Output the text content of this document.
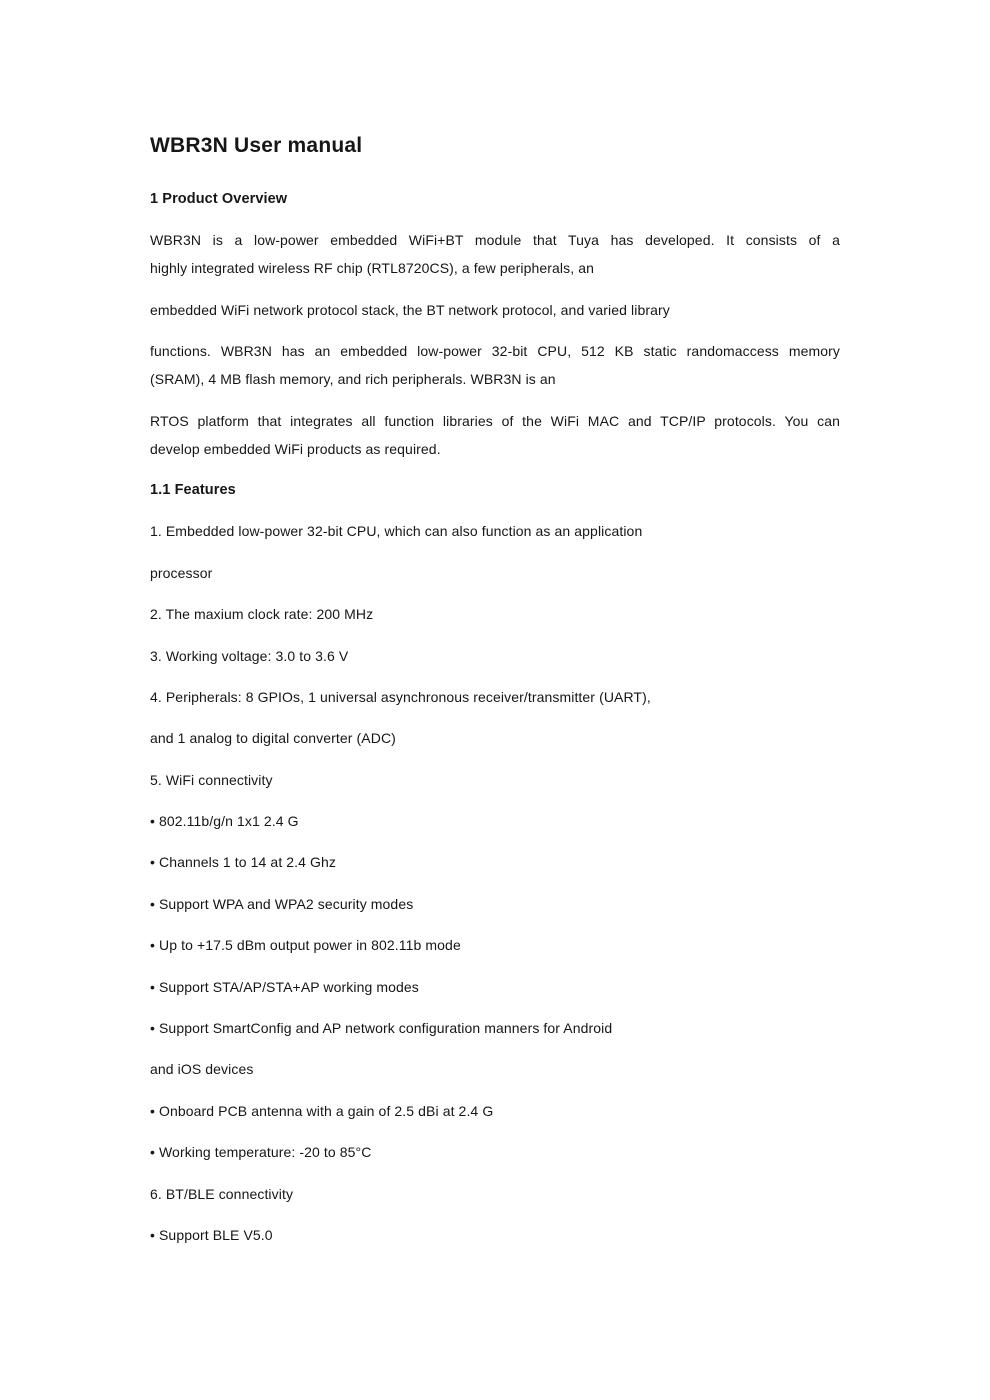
WBR3N User manual
1 Product Overview
WBR3N is a low-power embedded WiFi+BT module that Tuya has developed. It consists of a
highly integrated wireless RF chip (RTL8720CS), a few peripherals, an
embedded WiFi network protocol stack, the BT network protocol, and varied library
functions. WBR3N has an embedded low-power 32-bit CPU, 512 KB static randomaccess memory
(SRAM), 4 MB flash memory, and rich peripherals. WBR3N is an
RTOS platform that integrates all function libraries of the WiFi MAC and TCP/IP protocols. You can
develop embedded WiFi products as required.
1.1 Features
1. Embedded low-power 32-bit CPU, which can also function as an application
processor
2. The maxium clock rate: 200 MHz
3. Working voltage: 3.0 to 3.6 V
4. Peripherals: 8 GPIOs, 1 universal asynchronous receiver/transmitter (UART),
and 1 analog to digital converter (ADC)
5. WiFi connectivity
• 802.11b/g/n 1x1 2.4 G
• Channels 1 to 14 at 2.4 Ghz
• Support WPA and WPA2 security modes
• Up to +17.5 dBm output power in 802.11b mode
• Support STA/AP/STA+AP working modes
• Support SmartConfig and AP network configuration manners for Android
and iOS devices
• Onboard PCB antenna with a gain of 2.5 dBi at 2.4 G
• Working temperature: -20 to 85°C
6. BT/BLE connectivity
• Support BLE V5.0
